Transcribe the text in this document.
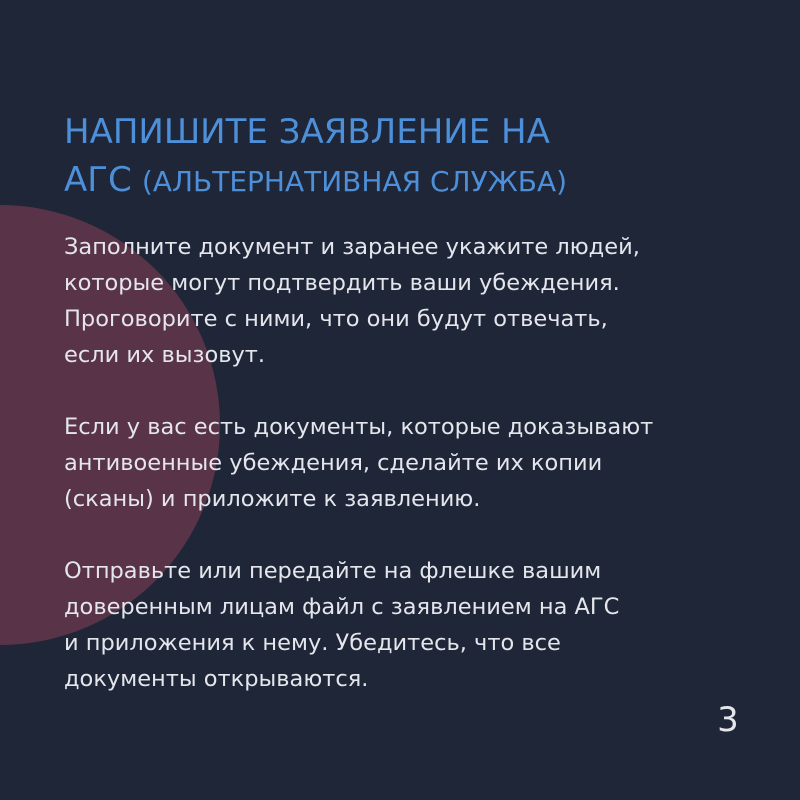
НАПИШИТЕ ЗАЯВЛЕНИЕ НА
АГС (АЛЬТЕРНАТИВНАЯ СЛУЖБА)

Заполните документ и заранее укажите людей,
которые могут подтвердить ваши убеждения.
Проговорите с ними, что они будут отвечать,
если их вызовут.

Если у вас есть документы, которые доказывают
антивоенные убеждения, сделайте их копии
(сканы) и приложите к заявлению.

Отправьте или передайте на флешке вашим
доверенным лицам файл с заявлением на АГС
и приложения к нему. Убедитесь, что все
документы открываются.

3
